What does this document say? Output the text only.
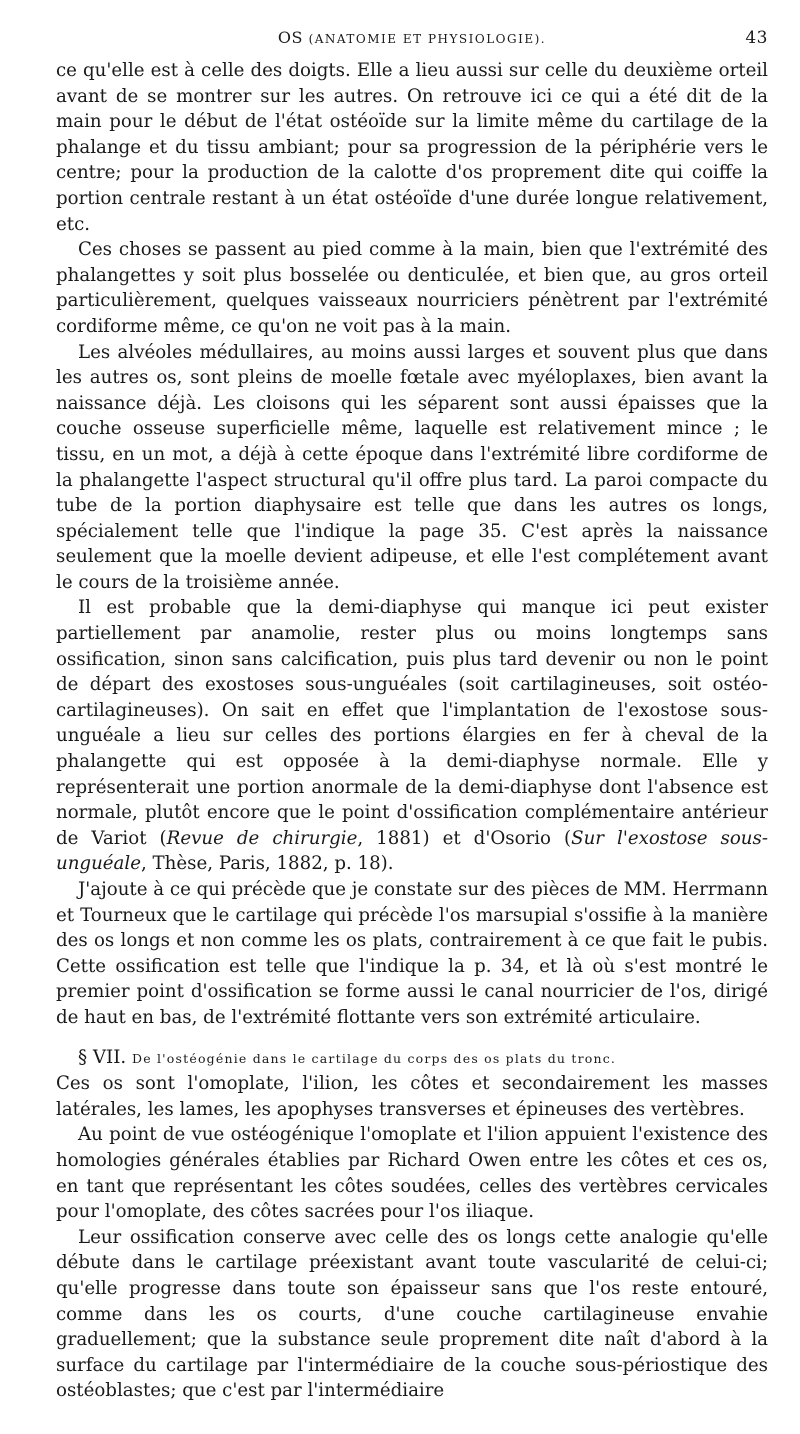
OS (ANATOMIE ET PHYSIOLOGIE).	43

ce qu'elle est à celle des doigts. Elle a lieu aussi sur celle du deuxième orteil avant de se montrer sur les autres. On retrouve ici ce qui a été dit de la main pour le début de l'état ostéoïde sur la limite même du cartilage de la phalange et du tissu ambiant; pour sa progression de la périphérie vers le centre; pour la production de la calotte d'os proprement dite qui coiffe la portion centrale restant à un état ostéoïde d'une durée longue relativement, etc.

Ces choses se passent au pied comme à la main, bien que l'extrémité des phalangettes y soit plus bosselée ou denticulée, et bien que, au gros orteil particulièrement, quelques vaisseaux nourriciers pénètrent par l'extrémité cordiforme même, ce qu'on ne voit pas à la main.

Les alvéoles médullaires, au moins aussi larges et souvent plus que dans les autres os, sont pleins de moelle fœtale avec myéloplaxes, bien avant la naissance déjà. Les cloisons qui les séparent sont aussi épaisses que la couche osseuse superficielle même, laquelle est relativement mince ; le tissu, en un mot, a déjà à cette époque dans l'extrémité libre cordiforme de la phalangette l'aspect structural qu'il offre plus tard. La paroi compacte du tube de la portion diaphysaire est telle que dans les autres os longs, spécialement telle que l'indique la page 35. C'est après la naissance seulement que la moelle devient adipeuse, et elle l'est complétement avant le cours de la troisième année.

Il est probable que la demi-diaphyse qui manque ici peut exister partiellement par anamolie, rester plus ou moins longtemps sans ossification, sinon sans calcification, puis plus tard devenir ou non le point de départ des exostoses sous-unguéales (soit cartilagineuses, soit ostéo-cartilagineuses). On sait en effet que l'implantation de l'exostose sous-unguéale a lieu sur celles des portions élargies en fer à cheval de la phalangette qui est opposée à la demi-diaphyse normale. Elle y représenterait une portion anormale de la demi-diaphyse dont l'absence est normale, plutôt encore que le point d'ossification complémentaire antérieur de Variot (Revue de chirurgie, 1881) et d'Osorio (Sur l'exostose sous-unguéale, Thèse, Paris, 1882, p. 18).

J'ajoute à ce qui précède que je constate sur des pièces de MM. Herrmann et Tourneux que le cartilage qui précède l'os marsupial s'ossifie à la manière des os longs et non comme les os plats, contrairement à ce que fait le pubis. Cette ossification est telle que l'indique la p. 34, et là où s'est montré le premier point d'ossification se forme aussi le canal nourricier de l'os, dirigé de haut en bas, de l'extrémité flottante vers son extrémité articulaire.

§ VII. De l'ostéogénie dans le cartilage du corps des os plats du tronc.

Ces os sont l'omoplate, l'ilion, les côtes et secondairement les masses latérales, les lames, les apophyses transverses et épineuses des vertèbres.

Au point de vue ostéogénique l'omoplate et l'ilion appuient l'existence des homologies générales établies par Richard Owen entre les côtes et ces os, en tant que représentant les côtes soudées, celles des vertèbres cervicales pour l'omoplate, des côtes sacrées pour l'os iliaque.

Leur ossification conserve avec celle des os longs cette analogie qu'elle débute dans le cartilage préexistant avant toute vascularité de celui-ci; qu'elle progresse dans toute son épaisseur sans que l'os reste entouré, comme dans les os courts, d'une couche cartilagineuse envahie graduellement; que la substance seule proprement dite naît d'abord à la surface du cartilage par l'intermédiaire de la couche sous-périostique des ostéoblastes; que c'est par l'intermédiaire
